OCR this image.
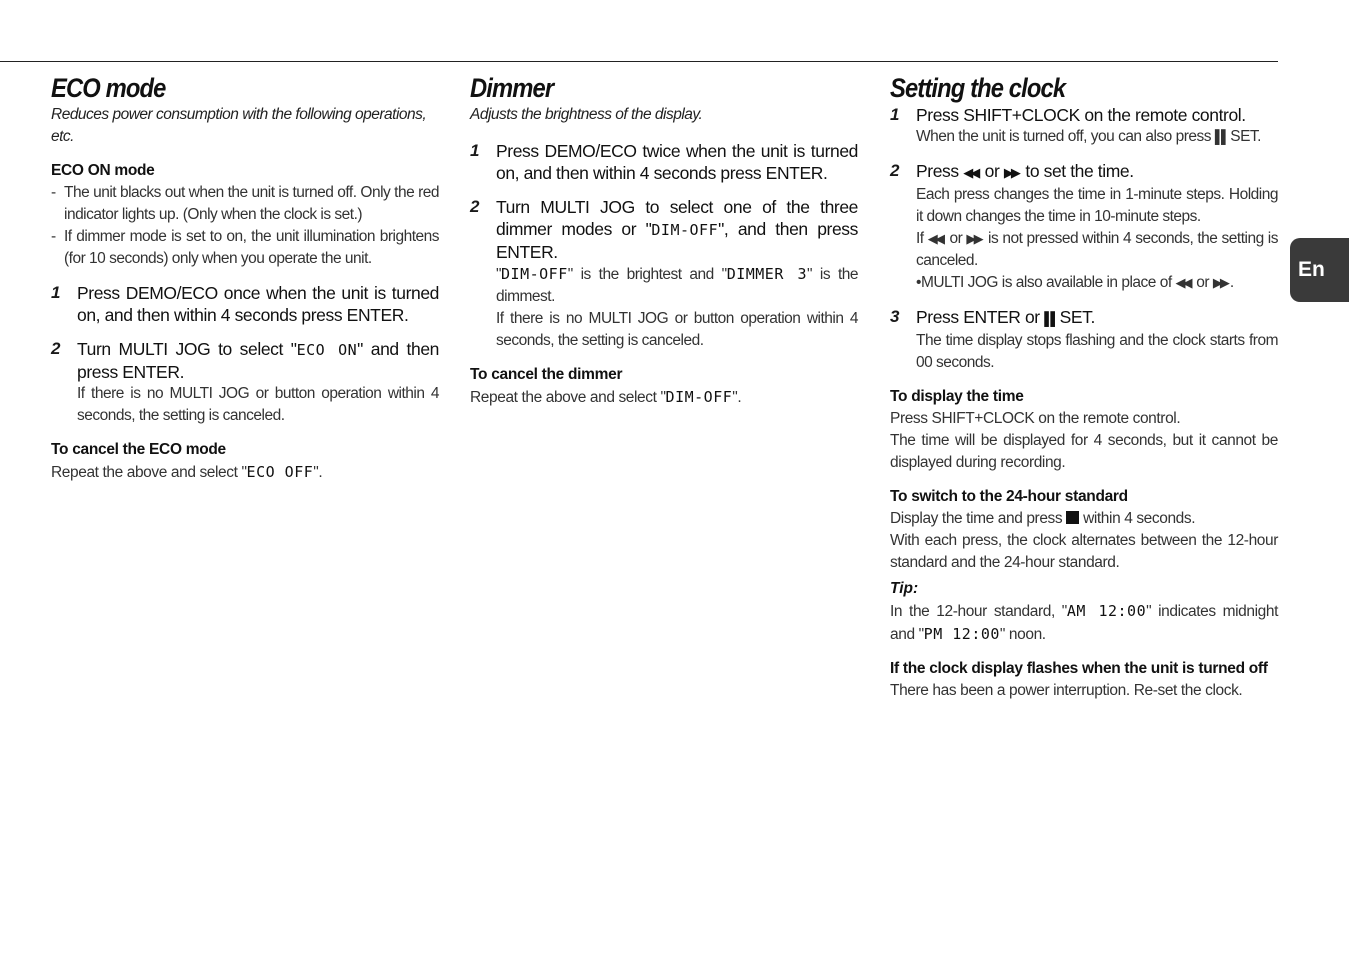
ECO mode
Reduces power consumption with the following operations, etc.
ECO ON mode
- The unit blacks out when the unit is turned off. Only the red indicator lights up. (Only when the clock is set.)
- If dimmer mode is set to on, the unit illumination brightens (for 10 seconds) only when you operate the unit.
1 Press DEMO/ECO once when the unit is turned on, and then within 4 seconds press ENTER.
2 Turn MULTI JOG to select "ECO ON" and then press ENTER.
If there is no MULTI JOG or button operation within 4 seconds, the setting is canceled.
To cancel the ECO mode
Repeat the above and select "ECO OFF".
Dimmer
Adjusts the brightness of the display.
1 Press DEMO/ECO twice when the unit is turned on, and then within 4 seconds press ENTER.
2 Turn MULTI JOG to select one of the three dimmer modes or "DIM-OFF", and then press ENTER.
"DIM-OFF" is the brightest and "DIMMER 3" is the dimmest.
If there is no MULTI JOG or button operation within 4 seconds, the setting is canceled.
To cancel the dimmer
Repeat the above and select "DIM-OFF".
Setting the clock
1 Press SHIFT+CLOCK on the remote control.
When the unit is turned off, you can also press ▌▌ SET.
2 Press ◀◀ or ▶▶ to set the time.
Each press changes the time in 1-minute steps. Holding it down changes the time in 10-minute steps.
If ◀◀ or ▶▶ is not pressed within 4 seconds, the setting is canceled.
•MULTI JOG is also available in place of ◀◀ or ▶▶ .
3 Press ENTER or ▌▌ SET.
The time display stops flashing and the clock starts from 00 seconds.
To display the time
Press SHIFT+CLOCK on the remote control.
The time will be displayed for 4 seconds, but it cannot be displayed during recording.
To switch to the 24-hour standard
Display the time and press  within 4 seconds.
With each press, the clock alternates between the 12-hour standard and the 24-hour standard.
Tip:
In the 12-hour standard, "AM 12:00" indicates midnight and "PM 12:00" noon.
If the clock display flashes when the unit is turned off
There has been a power interruption. Re-set the clock.
En
